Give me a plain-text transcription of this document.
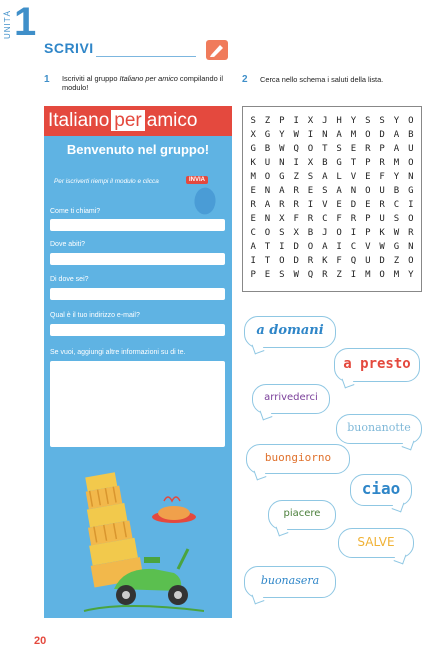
UNITÀ 1
SCRIVI
1 Iscriviti al gruppo Italiano per amico compilando il modulo!
2 Cerca nello schema i saluti della lista.
Italiano per amico
Benvenuto nel gruppo!
Per iscriverti riempi il modulo e clicca	INVIA
Come ti chiami?
Dove abiti?
Di dove sei?
Qual è il tuo indirizzo e-mail?
Se vuoi, aggiungi altre informazioni su di te.
S Z P I X J H Y S S Y O
X G Y W I N A M O D A B
G B W Q O T S E R P A U
K U N I X B G T P R M O
M O G Z S A L V E F Y N
E N A R E S A N O U B G
R A R R I V E D E R C I
E N X F R C F R P U S O
C O S X B J O I P K W R
A T I D O A I C V W G N
I T O D R K F Q U D Z O
P E S W Q R Z I M O M Y
a domani
a presto
arrivederci
buonanotte
buongiorno
ciao
piacere
SALVE
buonasera
20
